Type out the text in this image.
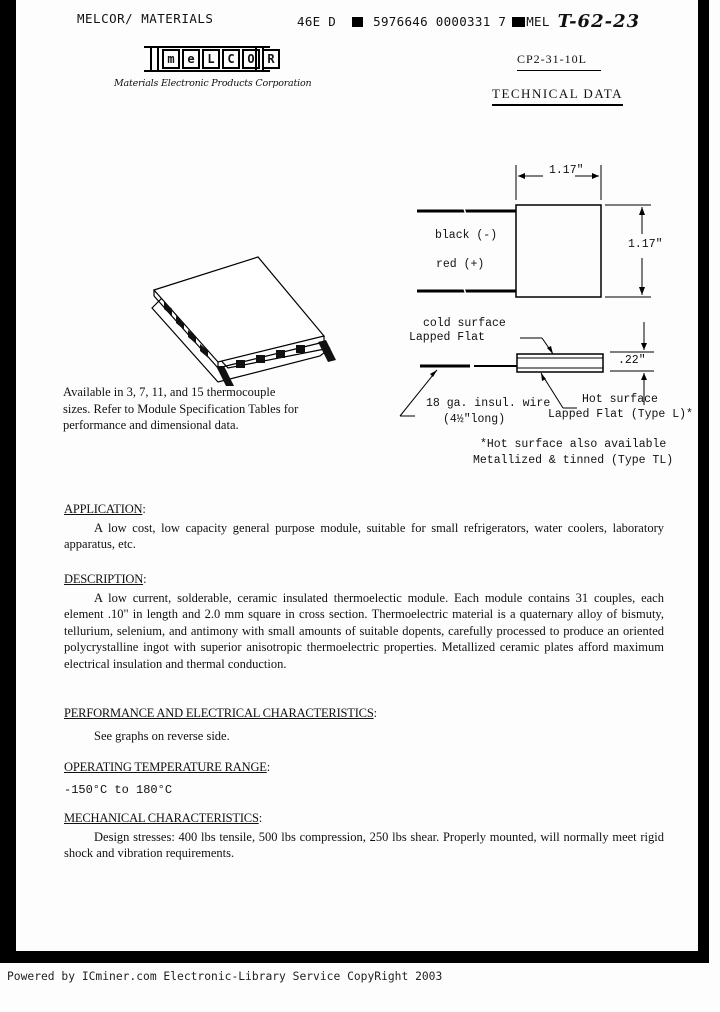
MELCOR/ MATERIALS	46E D	5976646 0000331 7 MEL T-62-23
m	e	L	C	O	R
Materials Electronic Products Corporation
CP2-31-10L
TECHNICAL DATA
Available in 3, 7, 11, and 15 thermocouple sizes. Refer to Module Specification Tables for performance and dimensional data.
1.17"
1.17"
black (-)
red (+)
cold surface
Lapped Flat
.22"
Hot surface
Lapped Flat (Type L)*
18 ga. insul. wire
(4½"long)
*Hot surface also available
Metallized & tinned (Type TL)
APPLICATION:

A low cost, low capacity general purpose module, suitable for small refrigerators, water coolers, laboratory apparatus, etc.

DESCRIPTION:

A low current, solderable, ceramic insulated thermoelectic module. Each module contains 31 couples, each element .10" in length and 2.0 mm square in cross section. Thermoelectric material is a quaternary alloy of bismuty, tellurium, selenium, and antimony with small amounts of suitable dopents, carefully processed to produce an oriented polycrystalline ingot with superior anisotropic thermoelectric properties. Metallized ceramic plates afford maximum electrical insulation and thermal conduction.

PERFORMANCE AND ELECTRICAL CHARACTERISTICS:

See graphs on reverse side.

OPERATING TEMPERATURE RANGE:

-150°C to 180°C

MECHANICAL CHARACTERISTICS:

Design stresses: 400 lbs tensile, 500 lbs compression, 250 lbs shear. Properly mounted, will normally meet rigid shock and vibration requirements.

Powered by ICminer.com Electronic-Library Service CopyRight 2003
